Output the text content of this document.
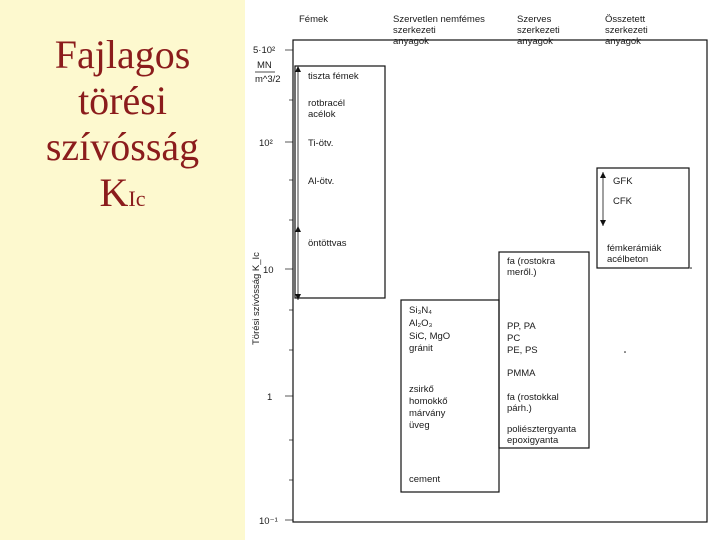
Fajlagos törési szívósság
KIc
Fémek	Szervetlen nemfémes szerkezeti anyagok
Szerves szerkezeti anyagok
Összetett szerkezeti anyagok
5·10²
MN
m^3/2
10²
10
1
10⁻¹
Törési szívósság K_Ic
tiszta fémek
rotbracél acélok
Ti-ötv.
Al-ötv.
öntöttvas
Si₃N₄
Al₂O₃
SiC, MgO
gránit
zsirkő
homokkő
márvány
üveg
cement
fa (rostokra meről.)
PP, PA
PC
PE, PS
PMMA
fa (rostokkal párh.)
poliésztergyanta
epoxigyanta
GFK
CFK
fémkerámiák acélbeton
